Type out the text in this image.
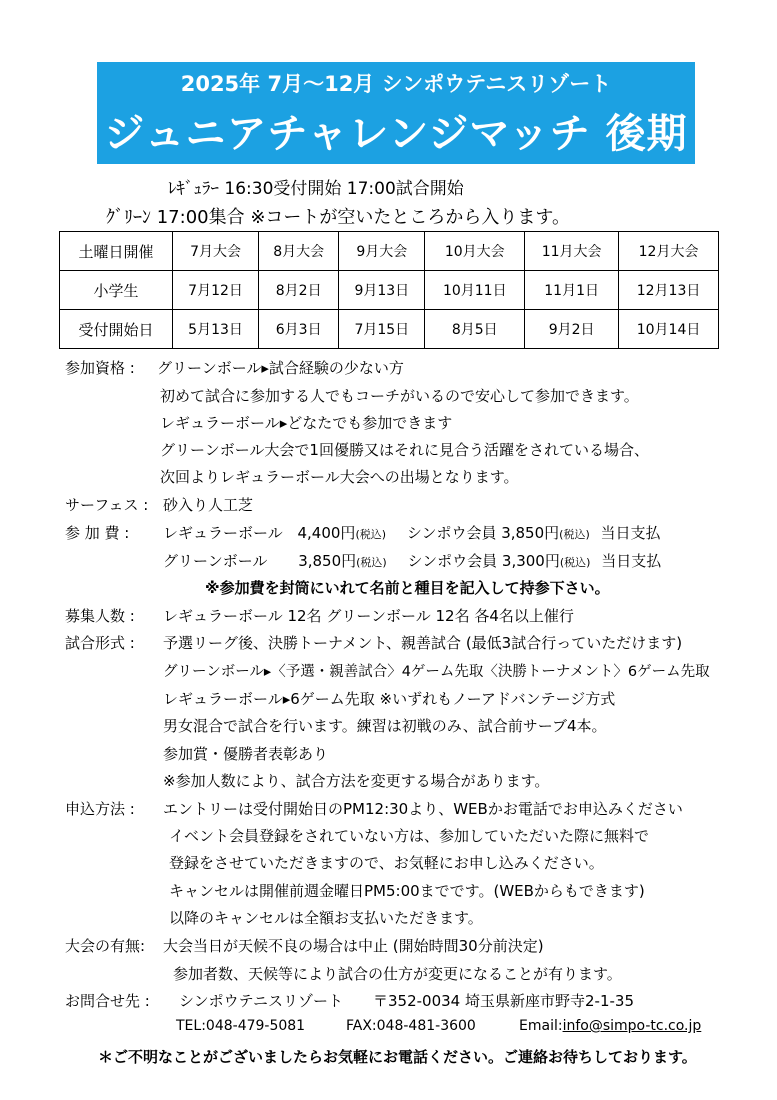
2025年 7月～12月 シンポウテニスリゾート
ジュニアチャレンジマッチ 後期
ﾚｷﾞｭﾗｰ 16:30受付開始 17:00試合開始
ｸﾞﾘｰﾝ 17:00集合 ※コートが空いたところから入ります。
土曜日開催	7月大会	8月大会	9月大会	10月大会	11月大会	12月大会
小学生	7月12日	8月2日	9月13日	10月11日	11月1日	12月13日
受付開始日	5月13日	6月3日	7月15日	8月5日	9月2日	10月14日
参加資格 : グリーンボール▸試合経験の少ない方
初めて試合に参加する人でもコーチがいるので安心して参加できます。
レギュラーボール▸どなたでも参加できます
グリーンボール大会で1回優勝又はそれに見合う活躍をされている場合、
次回よりレギュラーボール大会への出場となります。
サーフェス : 砂入り人工芝
参 加 費 : レギュラーボール 4,400円(税込) シンポウ会員 3,850円(税込) 当日支払
グリーンボール 3,850円(税込) シンポウ会員 3,300円(税込) 当日支払
※参加費を封筒にいれて名前と種目を記入して持参下さい。
募集人数 : レギュラーボール 12名 グリーンボール 12名 各4名以上催行
試合形式 : 予選リーグ後、決勝トーナメント、親善試合 (最低3試合行っていただけます)
グリーンボール▸〈予選・親善試合〉4ゲーム先取〈決勝トーナメント〉6ゲーム先取
レギュラーボール▸6ゲーム先取 ※いずれもノーアドバンテージ方式
男女混合で試合を行います。練習は初戦のみ、試合前サーブ4本。
参加賞・優勝者表彰あり
※参加人数により、試合方法を変更する場合があります。
申込方法 : エントリーは受付開始日のPM12:30より、WEBかお電話でお申込みください
イベント会員登録をされていない方は、参加していただいた際に無料で
登録をさせていただきますので、お気軽にお申し込みください。
キャンセルは開催前週金曜日PM5:00までです。(WEBからもできます)
以降のキャンセルは全額お支払いただきます。
大会の有無: 大会当日が天候不良の場合は中止 (開始時間30分前決定)
参加者数、天候等により試合の仕方が変更になることが有ります。
お問合せ先 : シンポウテニスリゾート 〒352-0034 埼玉県新座市野寺2-1-35
TEL:048-479-5081	FAX:048-481-3600	Email:info@simpo-tc.co.jp
＊ご不明なことがございましたらお気軽にお電話ください。ご連絡お待ちしております。
